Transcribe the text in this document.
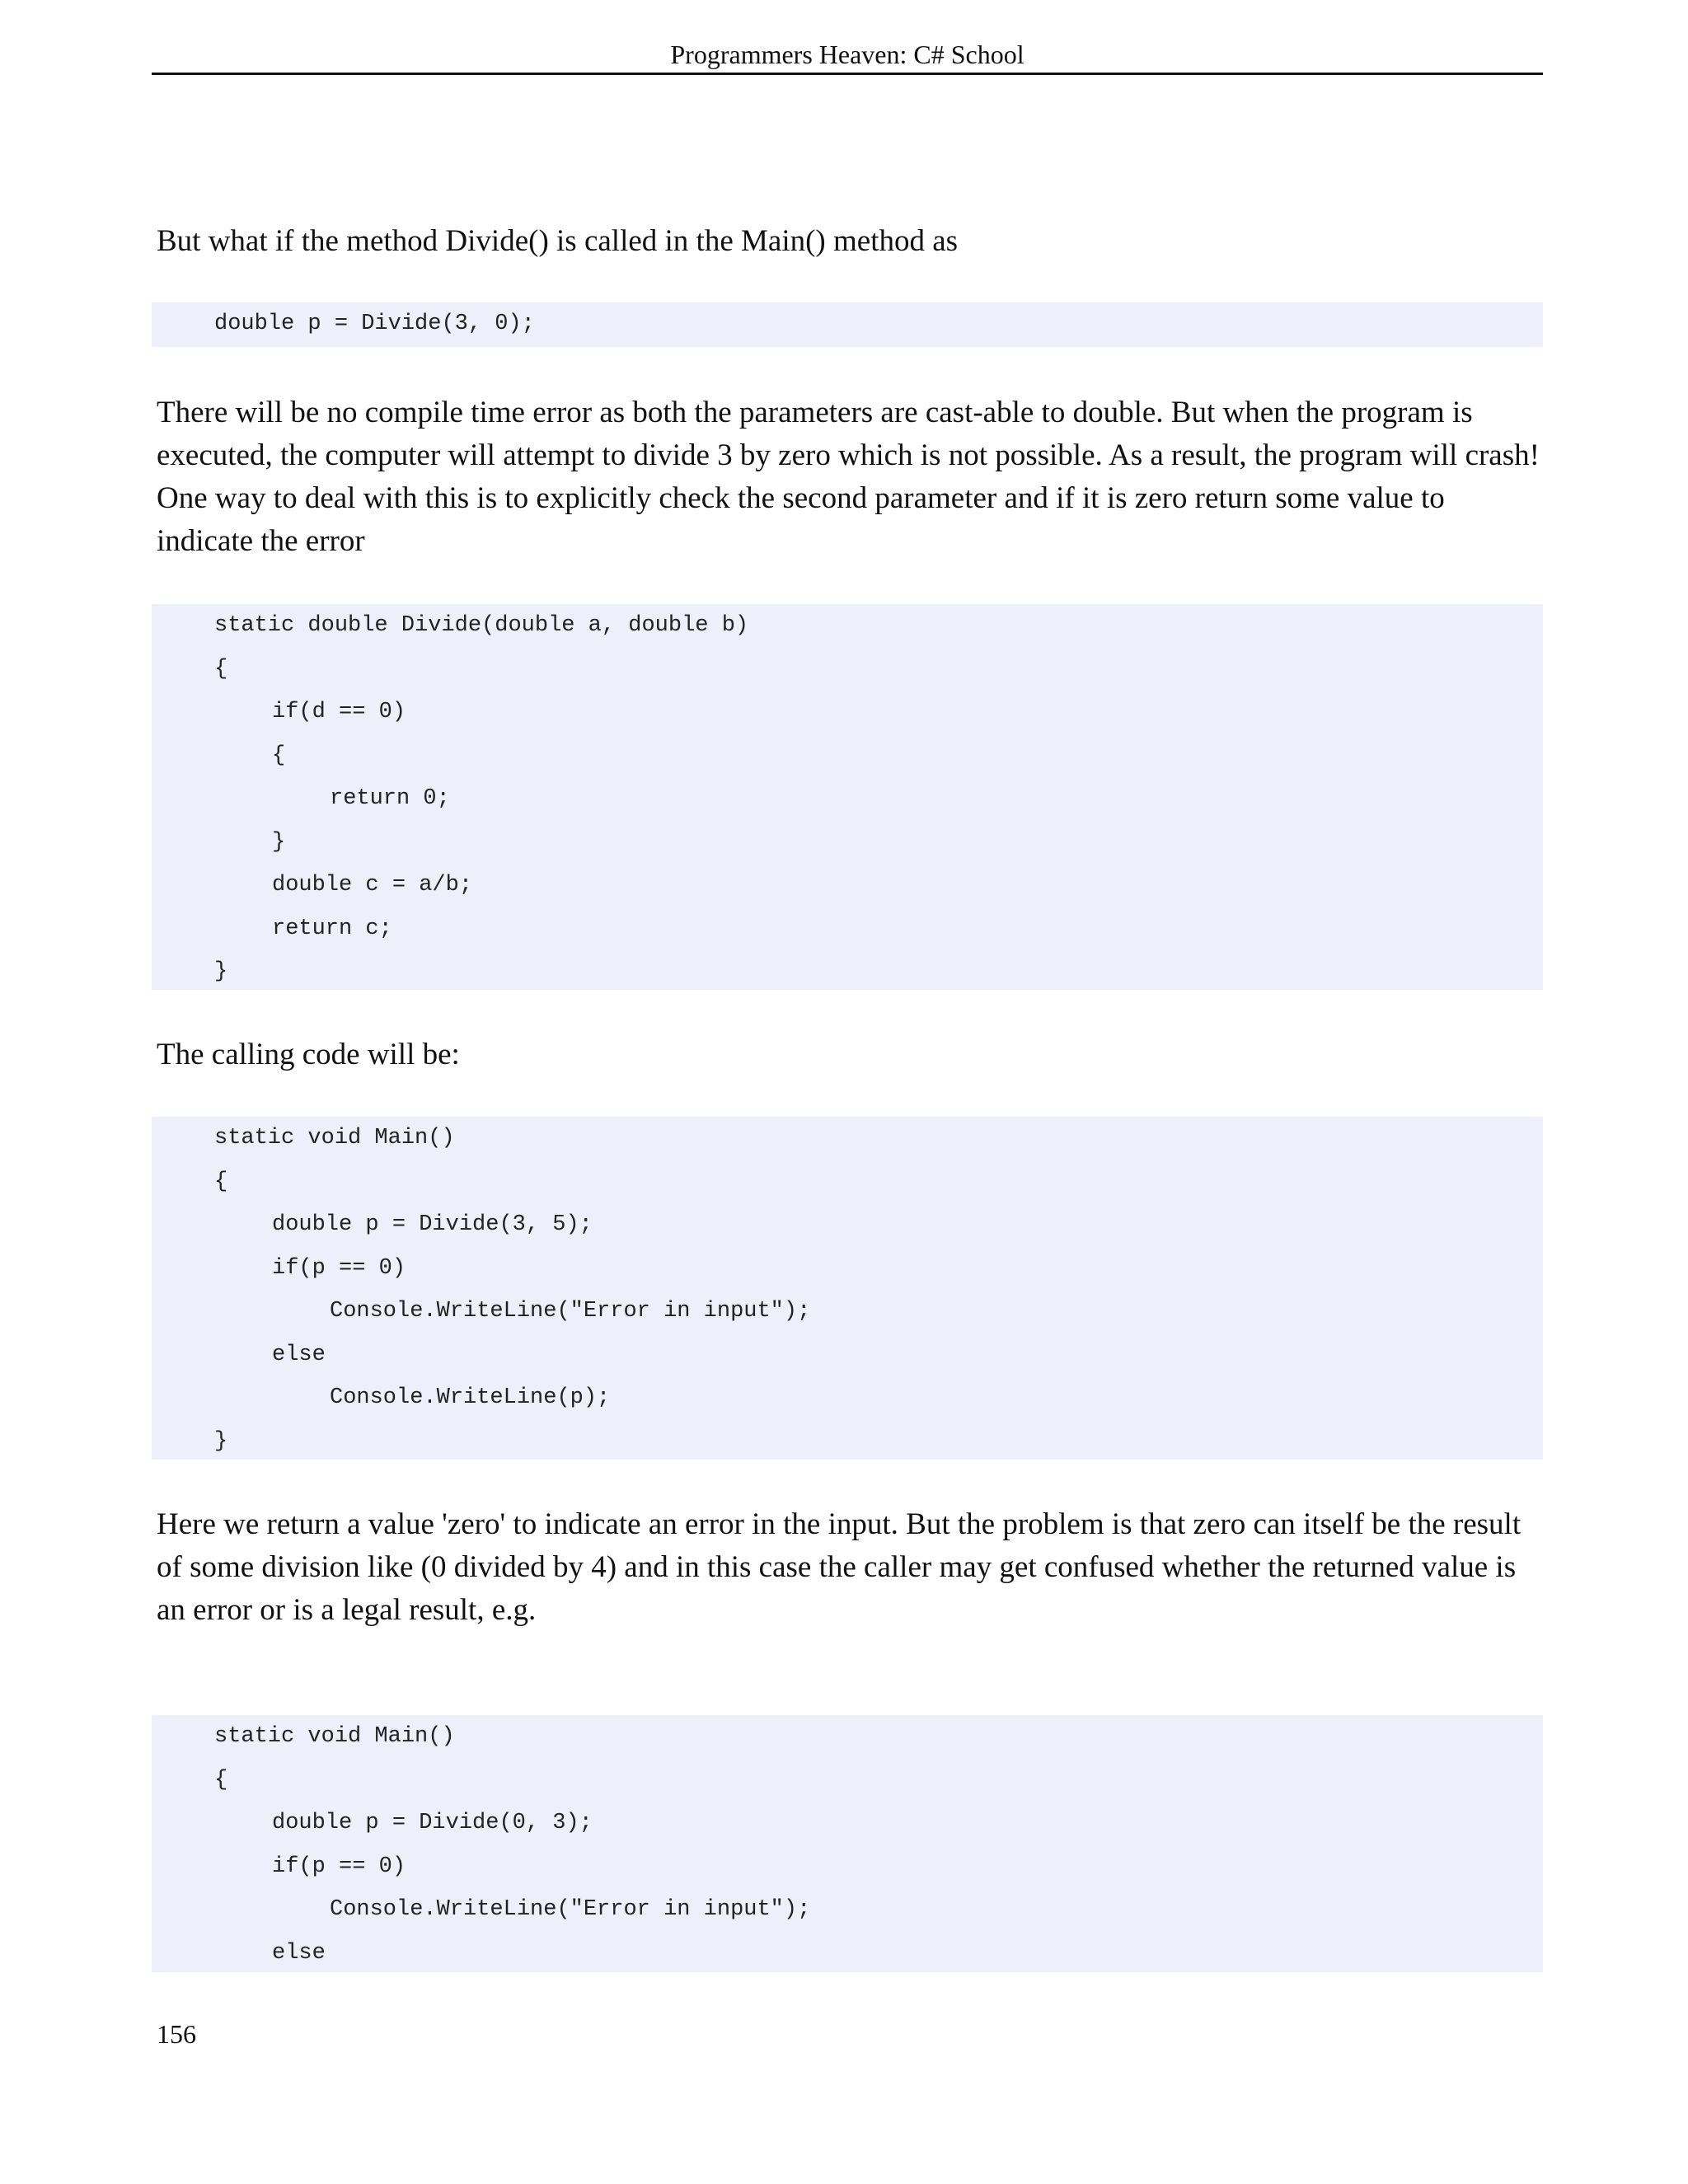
Programmers Heaven: C# School

But what if the method Divide() is called in the Main() method as

double p = Divide(3, 0);

There will be no compile time error as both the parameters are cast-able to double. But when the program is executed, the computer will attempt to divide 3 by zero which is not possible. As a result, the program will crash! One way to deal with this is to explicitly check the second parameter and if it is zero return some value to indicate the error

static double Divide(double a, double b)
{
if(d == 0)
{
return 0;
}
double c = a/b;
return c;
}

The calling code will be:

static void Main()
{
double p = Divide(3, 5);
if(p == 0)
Console.WriteLine("Error in input");
else
Console.WriteLine(p);
}

Here we return a value 'zero' to indicate an error in the input. But the problem is that zero can itself be the result of some division like (0 divided by 4) and in this case the caller may get confused whether the returned value is an error or is a legal result, e.g.

static void Main()
{
double p = Divide(0, 3);
if(p == 0)
Console.WriteLine("Error in input");
else
156
